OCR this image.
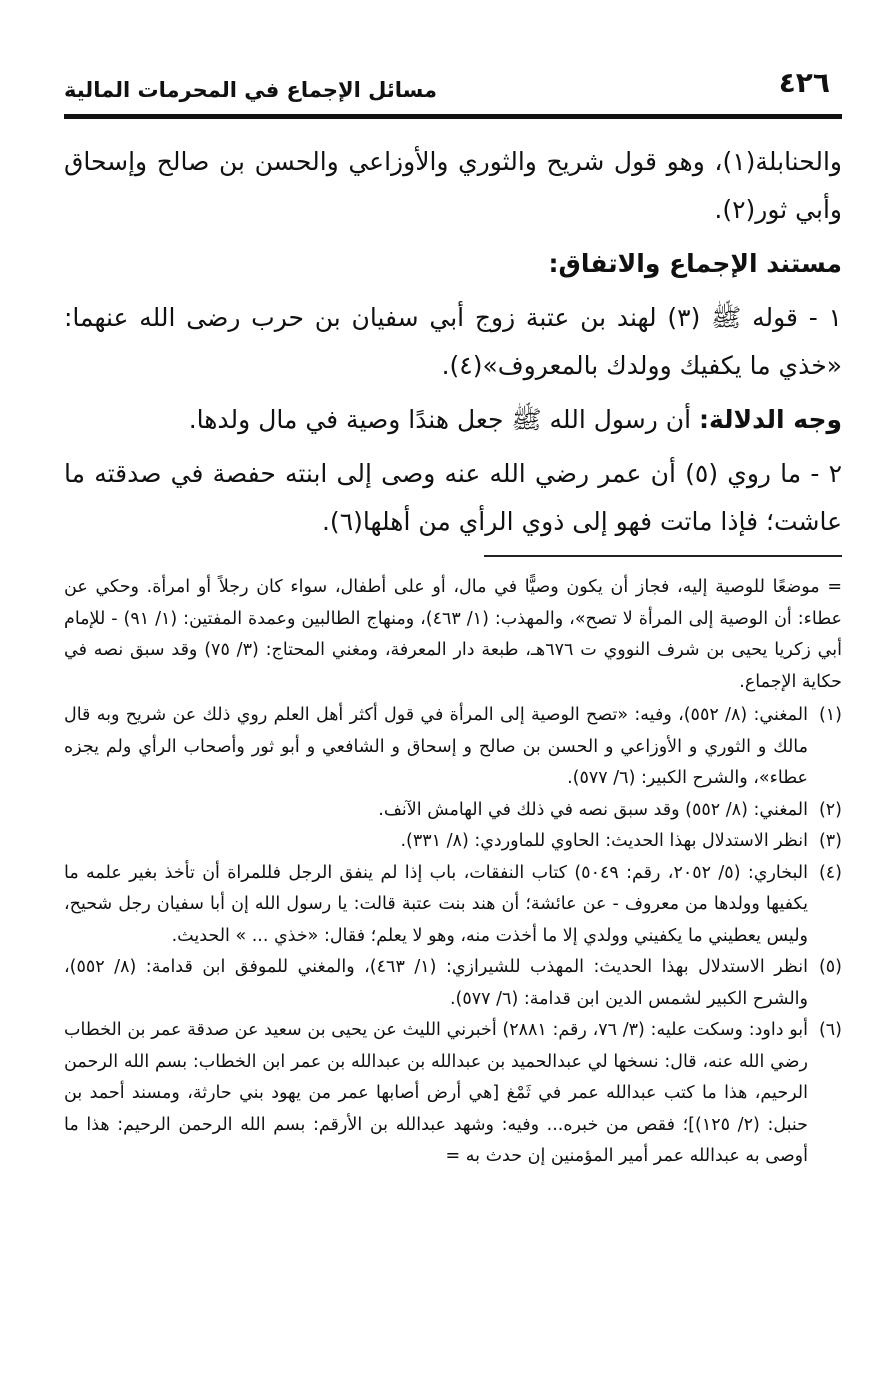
٤٢٦
مسائل الإجماع في المحرمات المالية

والحنابلة(١)، وهو قول شريح والثوري والأوزاعي والحسن بن صالح وإسحاق وأبي ثور(٢).

مستند الإجماع والاتفاق:

١ - قوله ﷺ (٣) لهند بن عتبة زوج أبي سفيان بن حرب رضى الله عنهما: «خذي ما يكفيك وولدك بالمعروف»(٤).

وجه الدلالة: أن رسول الله ﷺ جعل هندًا وصية في مال ولدها.

٢ - ما روي (٥) أن عمر رضي الله عنه وصى إلى ابنته حفصة في صدقته ما عاشت؛ فإذا ماتت فهو إلى ذوي الرأي من أهلها(٦).

= موضعًا للوصية إليه، فجاز أن يكون وصيًّا في مال، أو على أطفال، سواء كان رجلاً أو امرأة. وحكي عن عطاء: أن الوصية إلى المرأة لا تصح»، والمهذب: (١/ ٤٦٣)، ومنهاج الطالبين وعمدة المفتين: (١/ ٩١) - للإمام أبي زكريا يحيى بن شرف النووي ت ٦٧٦هـ، طبعة دار المعرفة، ومغني المحتاج: (٣/ ٧٥) وقد سبق نصه في حكاية الإجماع.

(١)
المغني: (٨/ ٥٥٢)، وفيه: «تصح الوصية إلى المرأة في قول أكثر أهل العلم روي ذلك عن شريح وبه قال مالك و الثوري و الأوزاعي و الحسن بن صالح و إسحاق و الشافعي و أبو ثور وأصحاب الرأي ولم يجزه عطاء»، والشرح الكبير: (٦/ ٥٧٧).
(٢)
المغني: (٨/ ٥٥٢) وقد سبق نصه في ذلك في الهامش الآنف.
(٣)
انظر الاستدلال بهذا الحديث: الحاوي للماوردي: (٨/ ٣٣١).
(٤)
البخاري: (٥/ ٢٠٥٢، رقم: ٥٠٤٩) كتاب النفقات، باب إذا لم ينفق الرجل فللمراة أن تأخذ بغير علمه ما يكفيها وولدها من معروف - عن عائشة؛ أن هند بنت عتبة قالت: يا رسول الله إن أبا سفيان رجل شحيح، وليس يعطيني ما يكفيني وولدي إلا ما أخذت منه، وهو لا يعلم؛ فقال: «خذي ... » الحديث.
(٥)
انظر الاستدلال بهذا الحديث: المهذب للشيرازي: (١/ ٤٦٣)، والمغني للموفق ابن قدامة: (٨/ ٥٥٢)، والشرح الكبير لشمس الدين ابن قدامة: (٦/ ٥٧٧).
(٦)
أبو داود: وسكت عليه: (٣/ ٧٦، رقم: ٢٨٨١) أخبرني الليث عن يحيى بن سعيد عن صدقة عمر بن الخطاب رضي الله عنه، قال: نسخها لي عبدالحميد بن عبدالله بن عبدالله بن عمر ابن الخطاب: بسم الله الرحمن الرحيم، هذا ما كتب عبدالله عمر في ثَمْغ [هي أرض أصابها عمر من يهود بني حارثة، ومسند أحمد بن حنبل: (٢/ ١٢٥)]؛ فقص من خبره... وفيه: وشهد عبدالله بن الأرقم: بسم الله الرحمن الرحيم: هذا ما أوصى به عبدالله عمر أمير المؤمنين إن حدث به =
